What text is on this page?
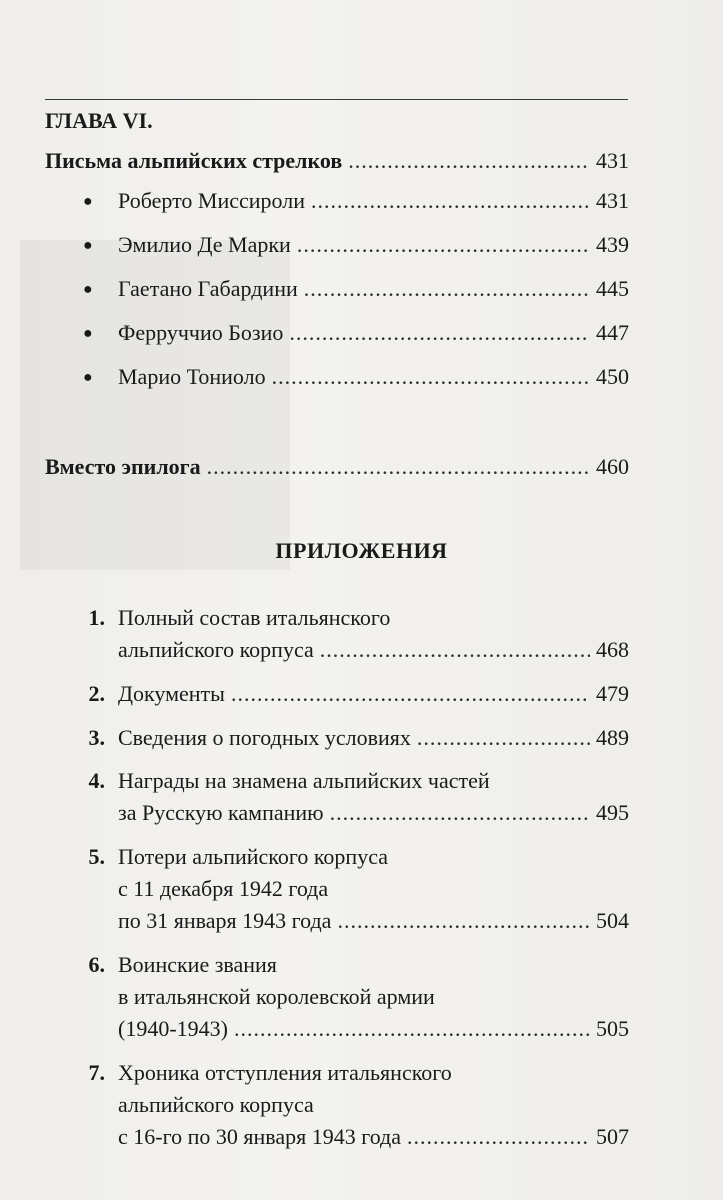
ГЛАВА VI.
Письма альпийских стрелков .....	431
● Роберто Миссироли .....	431
● Эмилио Де Марки .....	439
● Гаетано Габардини .....	445
● Ферруччио Бозио .....	447
● Марио Тониоло .....	450
Вместо эпилога .....	460
ПРИЛОЖЕНИЯ
1. Полный состав итальянского
альпийского корпуса .....	468
2. Документы .....	479
3. Сведения о погодных условиях .....	489
4. Награды на знамена альпийских частей
за Русскую кампанию .....	495
5. Потери альпийского корпуса
с 11 декабря 1942 года
по 31 января 1943 года .....	504
6. Воинские звания
в итальянской королевской армии
(1940-1943) .....	505
7. Хроника отступления итальянского
альпийского корпуса
с 16-го по 30 января 1943 года .....	507
